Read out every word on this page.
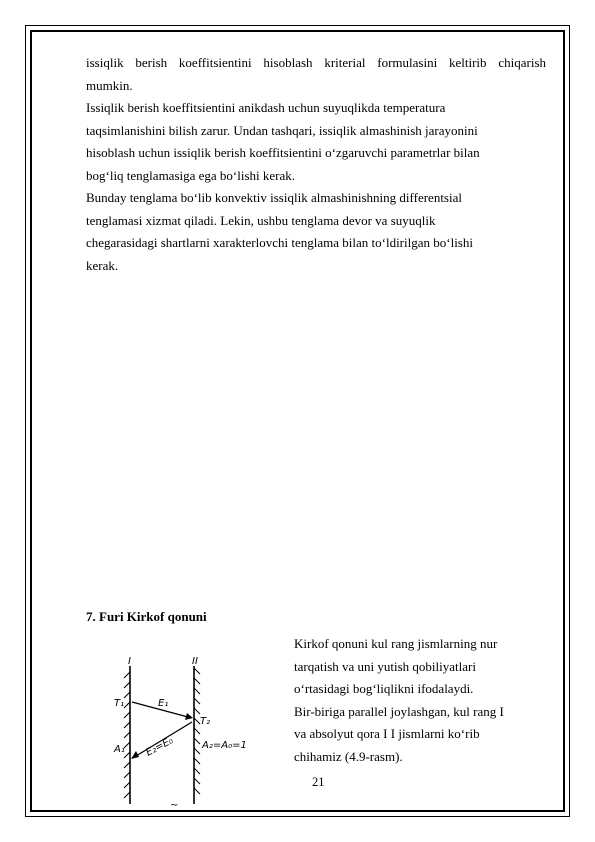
issiqlik berish koeffitsientini hisoblash kriterial formulasini keltirib chiqarish
mumkin.
Issiqlik berish koeffitsientini anikdash uchun suyuqlikda temperatura
taqsimlanishini bilish zarur. Undan tashqari, issiqlik almashinish jarayonini
hisoblash uchun issiqlik berish koeffitsientini o‘zgaruvchi parametrlar bilan
bog‘liq tenglamasiga ega bo‘lishi kerak.
Bunday tenglama bo‘lib konvektiv issiqlik almashinishning differentsial
tenglamasi xizmat qiladi. Lekin, ushbu tenglama devor va suyuqlik
chegarasidagi shartlarni xarakterlovchi tenglama bilan to‘ldirilgan bo‘lishi
kerak.
7. Furi Kirkof qonuni
I	II
T₁
T₂
E₁
E₂=E₀
A₁	A₂=A₀=1
~
Kirkof qonuni kul rang jismlarning nur
tarqatish va uni yutish qobiliyatlari
o‘rtasidagi bog‘liqlikni ifodalaydi.
Bir-biriga parallel joylashgan, kul rang I
va absolyut qora I I jismlarni ko‘rib
chihamiz (4.9-rasm).
21
